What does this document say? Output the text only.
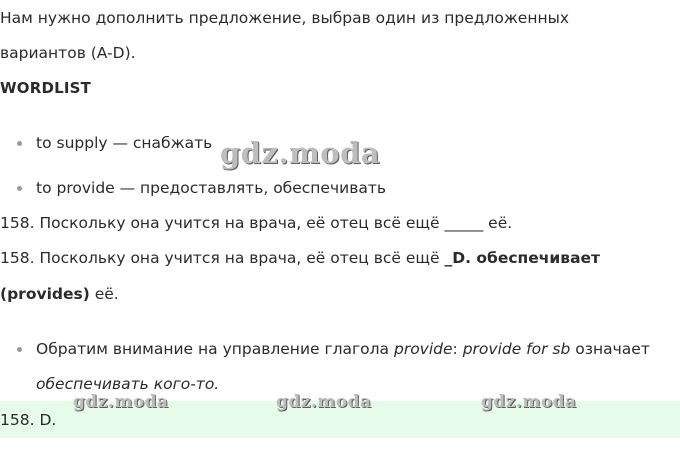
Нам нужно дополнить предложение, выбрав один из предложенных
вариантов (A-D).
WORDLIST
to supply — снабжать
to provide — предоставлять, обеспечивать
158. Поскольку она учится на врача, её отец всё ещё _____ её.
158. Поскольку она учится на врача, её отец всё ещё _D. обеспечивает
(provides) её.
Обратим внимание на управление глагола provide: provide for sb означает
обеспечивать кого-то.
158. D.
gdz.moda
gdz.moda	gdz.moda	gdz.moda
